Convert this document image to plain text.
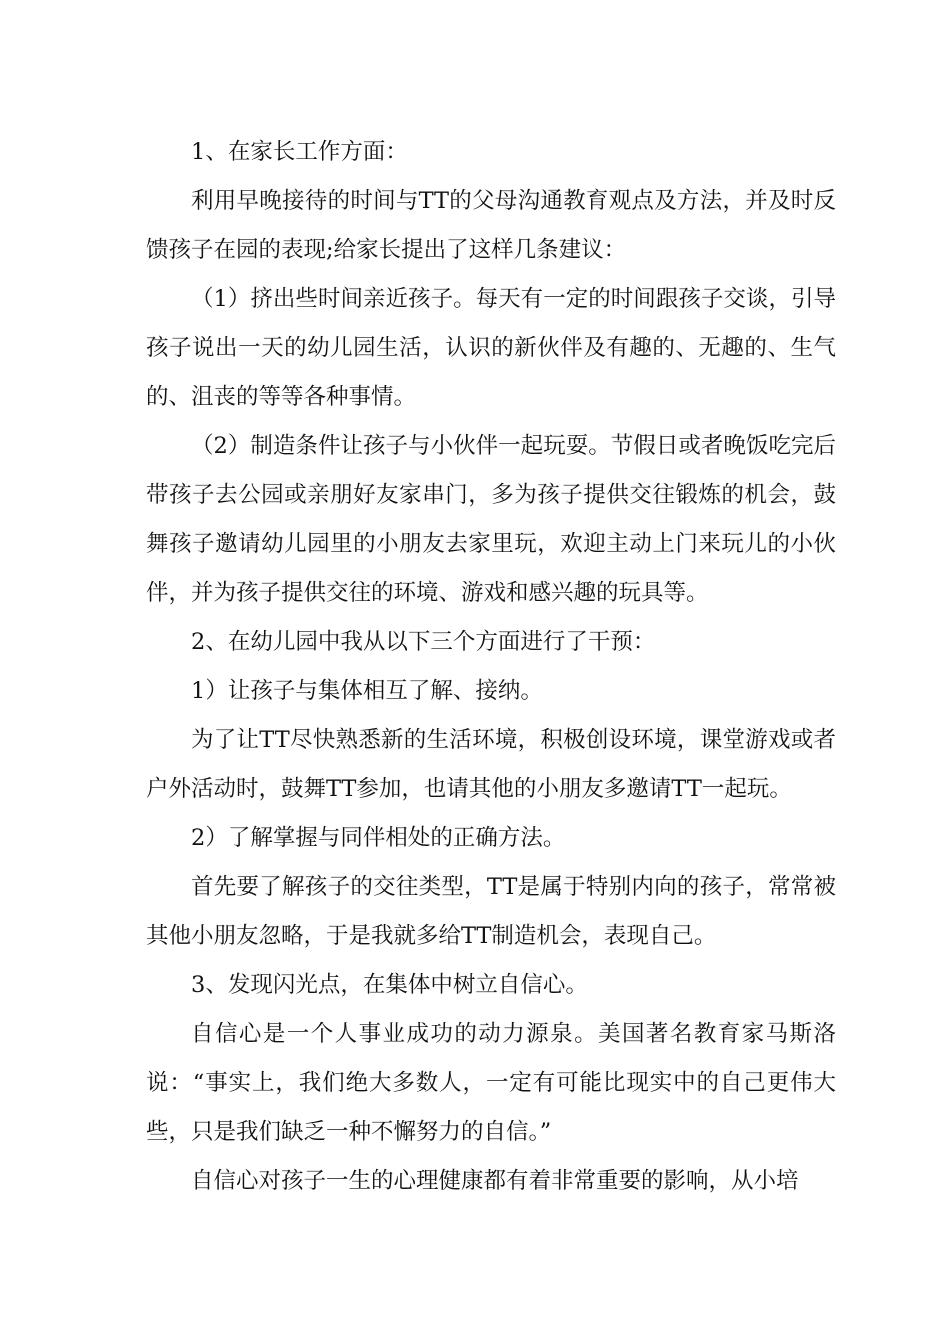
1、在家长工作方面：

利用早晚接待的时间与TT的父母沟通教育观点及方法，并及时反馈孩子在园的表现;给家长提出了这样几条建议：

（1）挤出些时间亲近孩子。每天有一定的时间跟孩子交谈，引导孩子说出一天的幼儿园生活，认识的新伙伴及有趣的、无趣的、生气的、沮丧的等等各种事情。

（2）制造条件让孩子与小伙伴一起玩耍。节假日或者晚饭吃完后带孩子去公园或亲朋好友家串门，多为孩子提供交往锻炼的机会，鼓舞孩子邀请幼儿园里的小朋友去家里玩，欢迎主动上门来玩儿的小伙伴，并为孩子提供交往的环境、游戏和感兴趣的玩具等。

2、在幼儿园中我从以下三个方面进行了干预：

1）让孩子与集体相互了解、接纳。

为了让TT尽快熟悉新的生活环境，积极创设环境，课堂游戏或者户外活动时，鼓舞TT参加，也请其他的小朋友多邀请TT一起玩。

2）了解掌握与同伴相处的正确方法。

首先要了解孩子的交往类型，TT是属于特别内向的孩子，常常被其他小朋友忽略，于是我就多给TT制造机会，表现自己。

3、发现闪光点，在集体中树立自信心。

自信心是一个人事业成功的动力源泉。美国著名教育家马斯洛说：“事实上，我们绝大多数人，一定有可能比现实中的自己更伟大些，只是我们缺乏一种不懈努力的自信。”

自信心对孩子一生的心理健康都有着非常重要的影响，从小培
